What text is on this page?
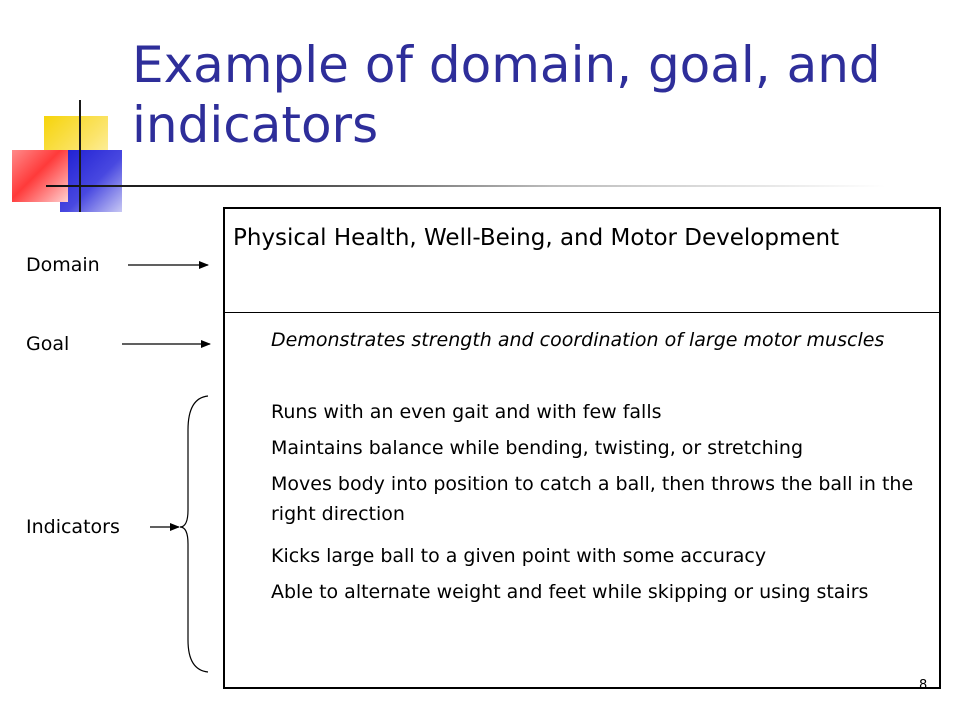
Example of domain, goal, and indicators
Domain
Goal
Indicators
Physical Health, Well-Being, and Motor Development
Demonstrates strength and coordination of large motor muscles
Runs with an even gait and with few falls
Maintains balance while bending, twisting, or stretching
Moves body into position to catch a ball, then throws the ball in the right direction
Kicks large ball to a given point with some accuracy
Able to alternate weight and feet while skipping or using stairs
8
